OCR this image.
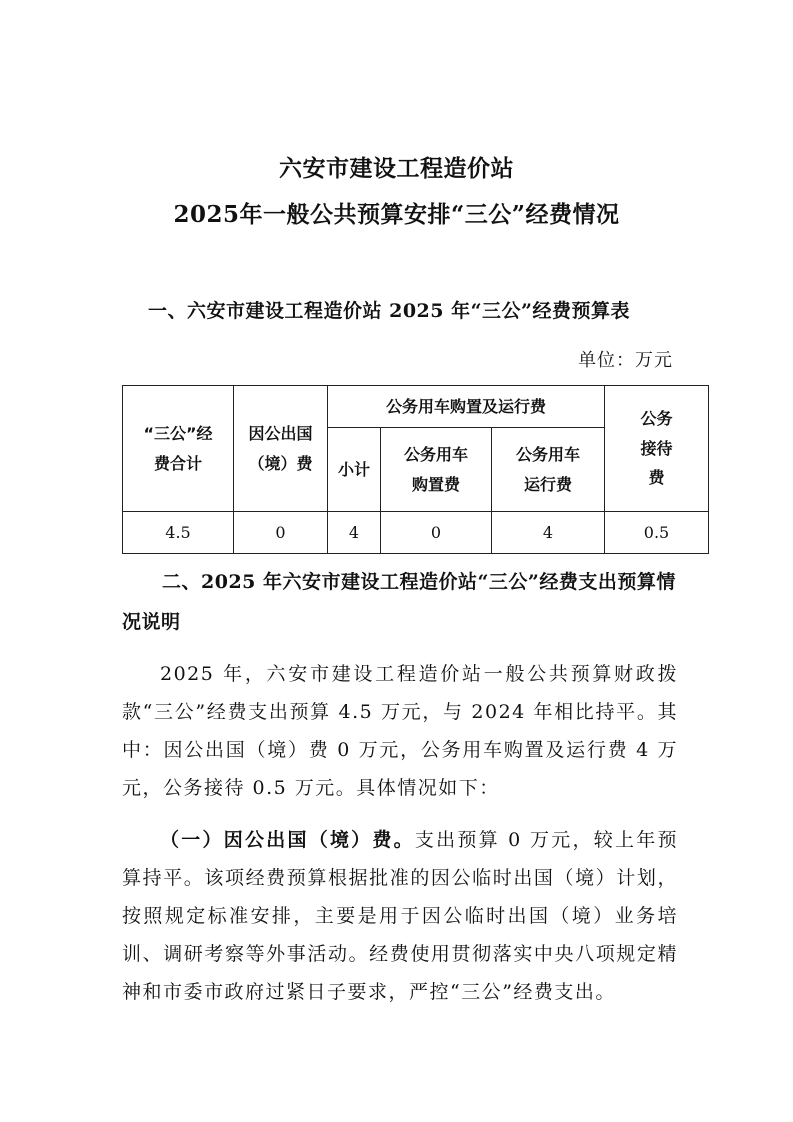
六安市建设工程造价站
2025年一般公共预算安排“三公”经费情况
一、六安市建设工程造价站 2025 年“三公”经费预算表
单位：万元
“三公”经费合计	因公出国（境）费	公务用车购置及运行费			公务接待费

		小计	公务用车购置费	公务用车运行费	

4.5	0	4	0	4	0.5
二、2025 年六安市建设工程造价站“三公”经费支出预算情况说明
2025 年，六安市建设工程造价站一般公共预算财政拨款“三公”经费支出预算 4.5 万元，与 2024 年相比持平。其中：因公出国（境）费 0 万元，公务用车购置及运行费 4 万元，公务接待 0.5 万元。具体情况如下：
（一）因公出国（境）费。支出预算 0 万元，较上年预算持平。该项经费预算根据批准的因公临时出国（境）计划，按照规定标准安排，主要是用于因公临时出国（境）业务培训、调研考察等外事活动。经费使用贯彻落实中央八项规定精神和市委市政府过紧日子要求，严控“三公”经费支出。
